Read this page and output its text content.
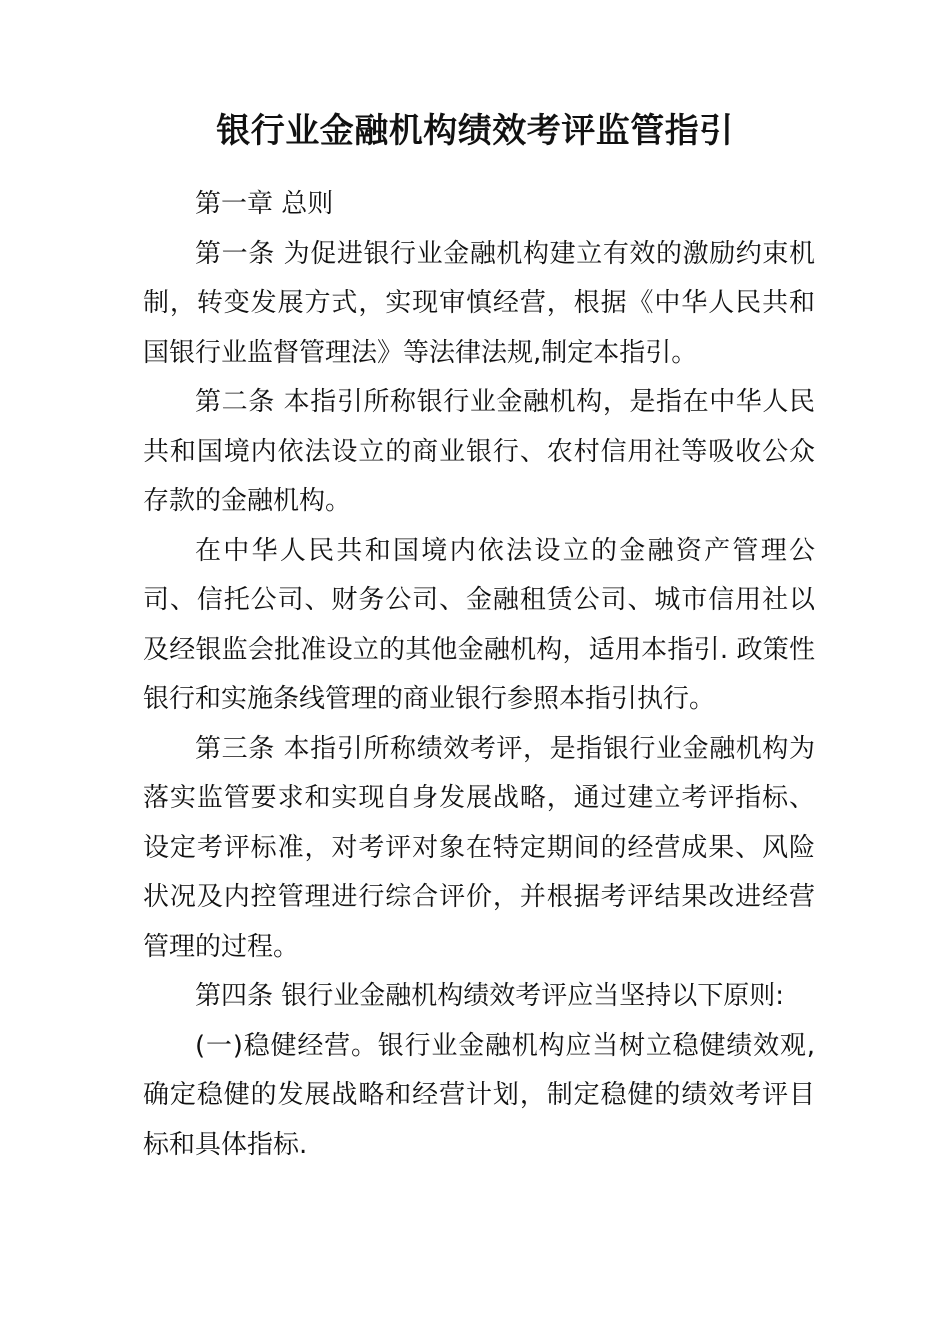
银行业金融机构绩效考评监管指引

第一章 总则

第一条 为促进银行业金融机构建立有效的激励约束机制，转变发展方式，实现审慎经营，根据《中华人民共和国银行业监督管理法》等法律法规,制定本指引。

第二条 本指引所称银行业金融机构，是指在中华人民共和国境内依法设立的商业银行、农村信用社等吸收公众存款的金融机构。

在中华人民共和国境内依法设立的金融资产管理公司、信托公司、财务公司、金融租赁公司、城市信用社以及经银监会批准设立的其他金融机构，适用本指引. 政策性银行和实施条线管理的商业银行参照本指引执行。

第三条 本指引所称绩效考评，是指银行业金融机构为落实监管要求和实现自身发展战略，通过建立考评指标、设定考评标准，对考评对象在特定期间的经营成果、风险状况及内控管理进行综合评价，并根据考评结果改进经营管理的过程。

第四条 银行业金融机构绩效考评应当坚持以下原则:

(一)稳健经营。银行业金融机构应当树立稳健绩效观,确定稳健的发展战略和经营计划，制定稳健的绩效考评目标和具体指标.
